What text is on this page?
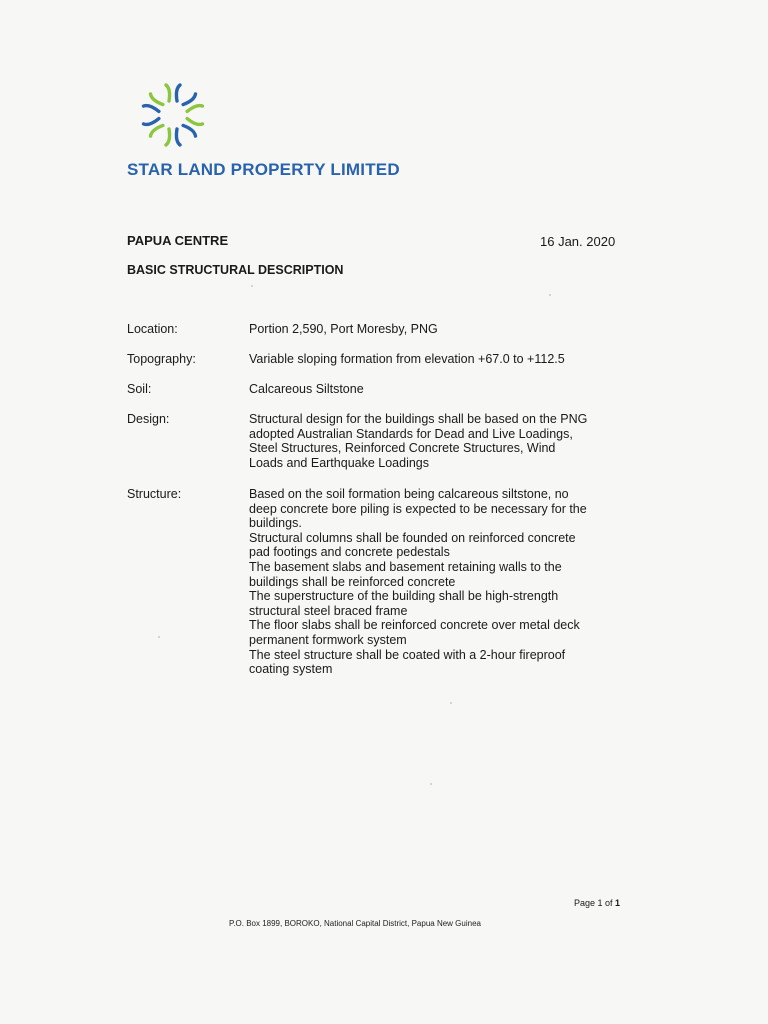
STAR LAND PROPERTY LIMITED
PAPUA CENTRE	16 Jan. 2020
BASIC STRUCTURAL DESCRIPTION
Location:	Portion 2,590, Port Moresby, PNG

Topography:	Variable sloping formation from elevation +67.0 to +112.5

Soil:	Calcareous Siltstone

Design:	Structural design for the buildings shall be based on the PNG

adopted Australian Standards for Dead and Live Loadings,

Steel Structures, Reinforced Concrete Structures, Wind

Loads and Earthquake Loadings

Structure:	Based on the soil formation being calcareous siltstone, no

deep concrete bore piling is expected to be necessary for the

buildings.

Structural columns shall be founded on reinforced concrete

pad footings and concrete pedestals

The basement slabs and basement retaining walls to the

buildings shall be reinforced concrete

The superstructure of the building shall be high-strength

structural steel braced frame

The floor slabs shall be reinforced concrete over metal deck

permanent formwork system

The steel structure shall be coated with a 2-hour fireproof

coating system

Page 1 of 1
P.O. Box 1899, BOROKO, National Capital District, Papua New Guinea
